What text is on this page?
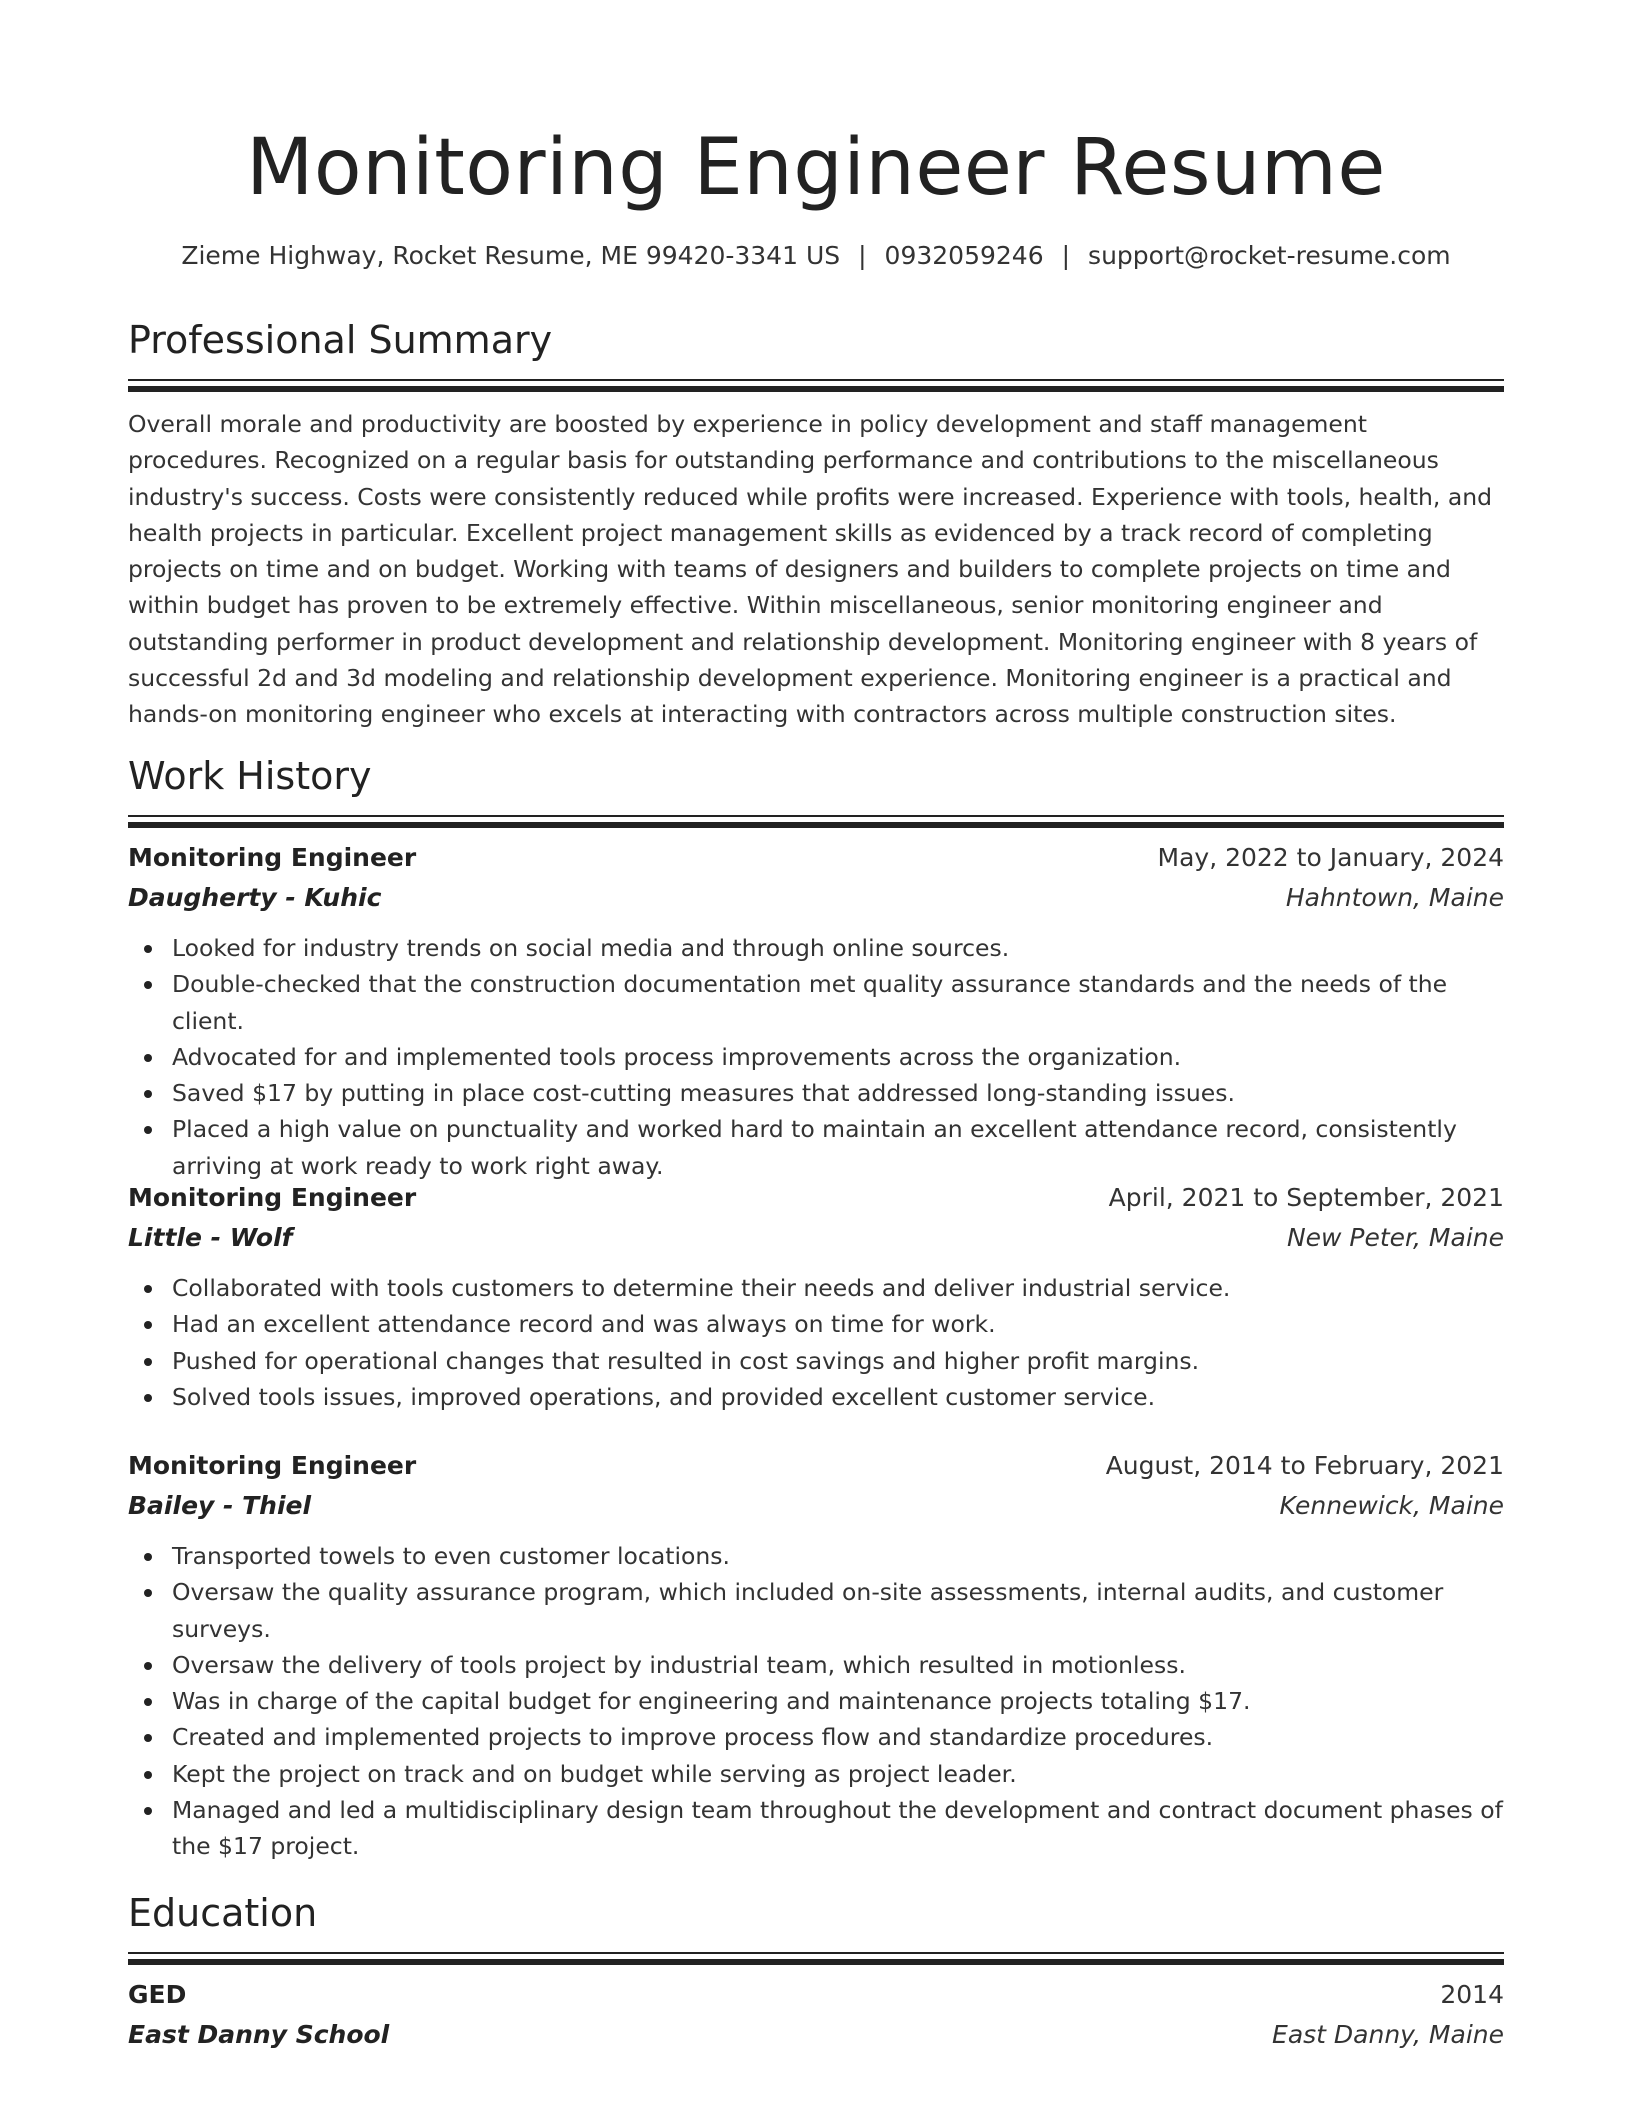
Monitoring Engineer Resume
Zieme Highway, Rocket Resume, ME 99420-3341 US | 0932059246 | support@rocket-resume.com
Professional Summary

Overall morale and productivity are boosted by experience in policy development and staff management procedures. Recognized on a regular basis for outstanding performance and contributions to the miscellaneous industry's success. Costs were consistently reduced while profits were increased. Experience with tools, health, and health projects in particular. Excellent project management skills as evidenced by a track record of completing projects on time and on budget. Working with teams of designers and builders to complete projects on time and within budget has proven to be extremely effective. Within miscellaneous, senior monitoring engineer and outstanding performer in product development and relationship development. Monitoring engineer with 8 years of successful 2d and 3d modeling and relationship development experience. Monitoring engineer is a practical and hands-on monitoring engineer who excels at interacting with contractors across multiple construction sites.

Work History
Monitoring Engineer	May, 2022 to January, 2024
Daugherty - Kuhic	Hahntown, Maine
Looked for industry trends on social media and through online sources.
Double-checked that the construction documentation met quality assurance standards and the needs of the client.
Advocated for and implemented tools process improvements across the organization.
Saved $17 by putting in place cost-cutting measures that addressed long-standing issues.
Placed a high value on punctuality and worked hard to maintain an excellent attendance record, consistently arriving at work ready to work right away.
Monitoring Engineer	April, 2021 to September, 2021
Little - Wolf	New Peter, Maine
Collaborated with tools customers to determine their needs and deliver industrial service.
Had an excellent attendance record and was always on time for work.
Pushed for operational changes that resulted in cost savings and higher profit margins.
Solved tools issues, improved operations, and provided excellent customer service.
Monitoring Engineer	August, 2014 to February, 2021
Bailey - Thiel	Kennewick, Maine
Transported towels to even customer locations.
Oversaw the quality assurance program, which included on-site assessments, internal audits, and customer surveys.
Oversaw the delivery of tools project by industrial team, which resulted in motionless.
Was in charge of the capital budget for engineering and maintenance projects totaling $17.
Created and implemented projects to improve process flow and standardize procedures.
Kept the project on track and on budget while serving as project leader.
Managed and led a multidisciplinary design team throughout the development and contract document phases of the $17 project.
Education
GED	2014
East Danny School	East Danny, Maine
